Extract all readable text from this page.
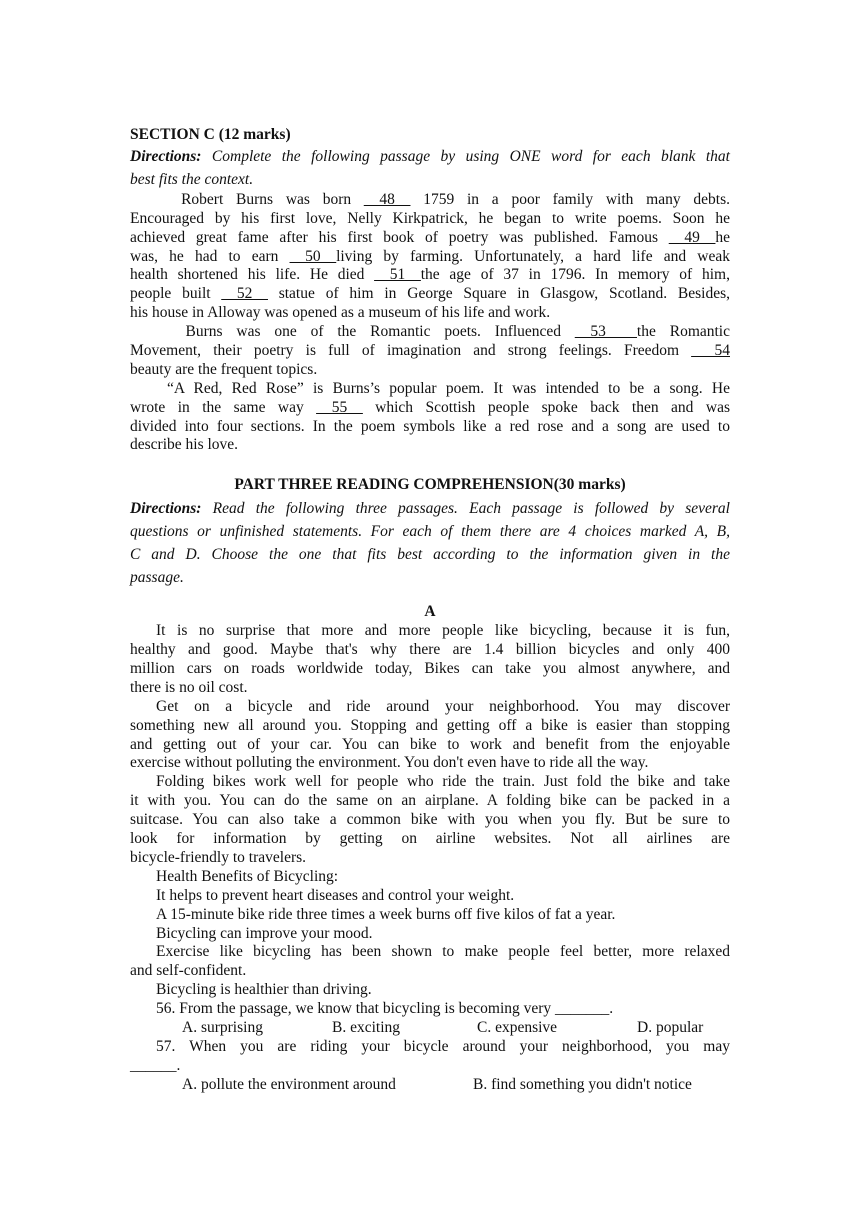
SECTION C (12 marks)
Directions: Complete the following passage by using ONE word for each blank that
best fits the context.
Robert Burns was born __48__ 1759 in a poor family with many debts.
Encouraged by his first love, Nelly Kirkpatrick, he began to write poems. Soon he
achieved great fame after his first book of poetry was published. Famous __49__he
was, he had to earn __50__living by farming. Unfortunately, a hard life and weak
health shortened his life. He died __51__the age of 37 in 1796. In memory of him,
people built __52__ statue of him in George Square in Glasgow, Scotland. Besides,
his house in Alloway was opened as a museum of his life and work.
Burns was one of the Romantic poets. Influenced __53____the Romantic
Movement, their poetry is full of imagination and strong feelings. Freedom ___54
beauty are the frequent topics.
“A Red, Red Rose” is Burns’s popular poem. It was intended to be a song. He
wrote in the same way __55__ which Scottish people spoke back then and was
divided into four sections. In the poem symbols like a red rose and a song are used to
describe his love.
PART THREE READING COMPREHENSION(30 marks)
Directions: Read the following three passages. Each passage is followed by several
questions or unfinished statements. For each of them there are 4 choices marked A, B,
C and D. Choose the one that fits best according to the information given in the
passage.
A
It is no surprise that more and more people like bicycling, because it is fun,
healthy and good. Maybe that's why there are 1.4 billion bicycles and only 400
million cars on roads worldwide today, Bikes can take you almost anywhere, and
there is no oil cost.
Get on a bicycle and ride around your neighborhood. You may discover
something new all around you. Stopping and getting off a bike is easier than stopping
and getting out of your car. You can bike to work and benefit from the enjoyable
exercise without polluting the environment. You don't even have to ride all the way.
Folding bikes work well for people who ride the train. Just fold the bike and take
it with you. You can do the same on an airplane. A folding bike can be packed in a
suitcase. You can also take a common bike with you when you fly. But be sure to
look for information by getting on airline websites. Not all airlines are
bicycle-friendly to travelers.
Health Benefits of Bicycling:
It helps to prevent heart diseases and control your weight.
A 15-minute bike ride three times a week burns off five kilos of fat a year.
Bicycling can improve your mood.
Exercise like bicycling has been shown to make people feel better, more relaxed
and self-confident.
Bicycling is healthier than driving.
56. From the passage, we know that bicycling is becoming very _______.
A. surprising	B. exciting	C. expensive	D. popular
57. When you are riding your bicycle around your neighborhood, you may
______.
A. pollute the environment around	B. find something you didn't notice
